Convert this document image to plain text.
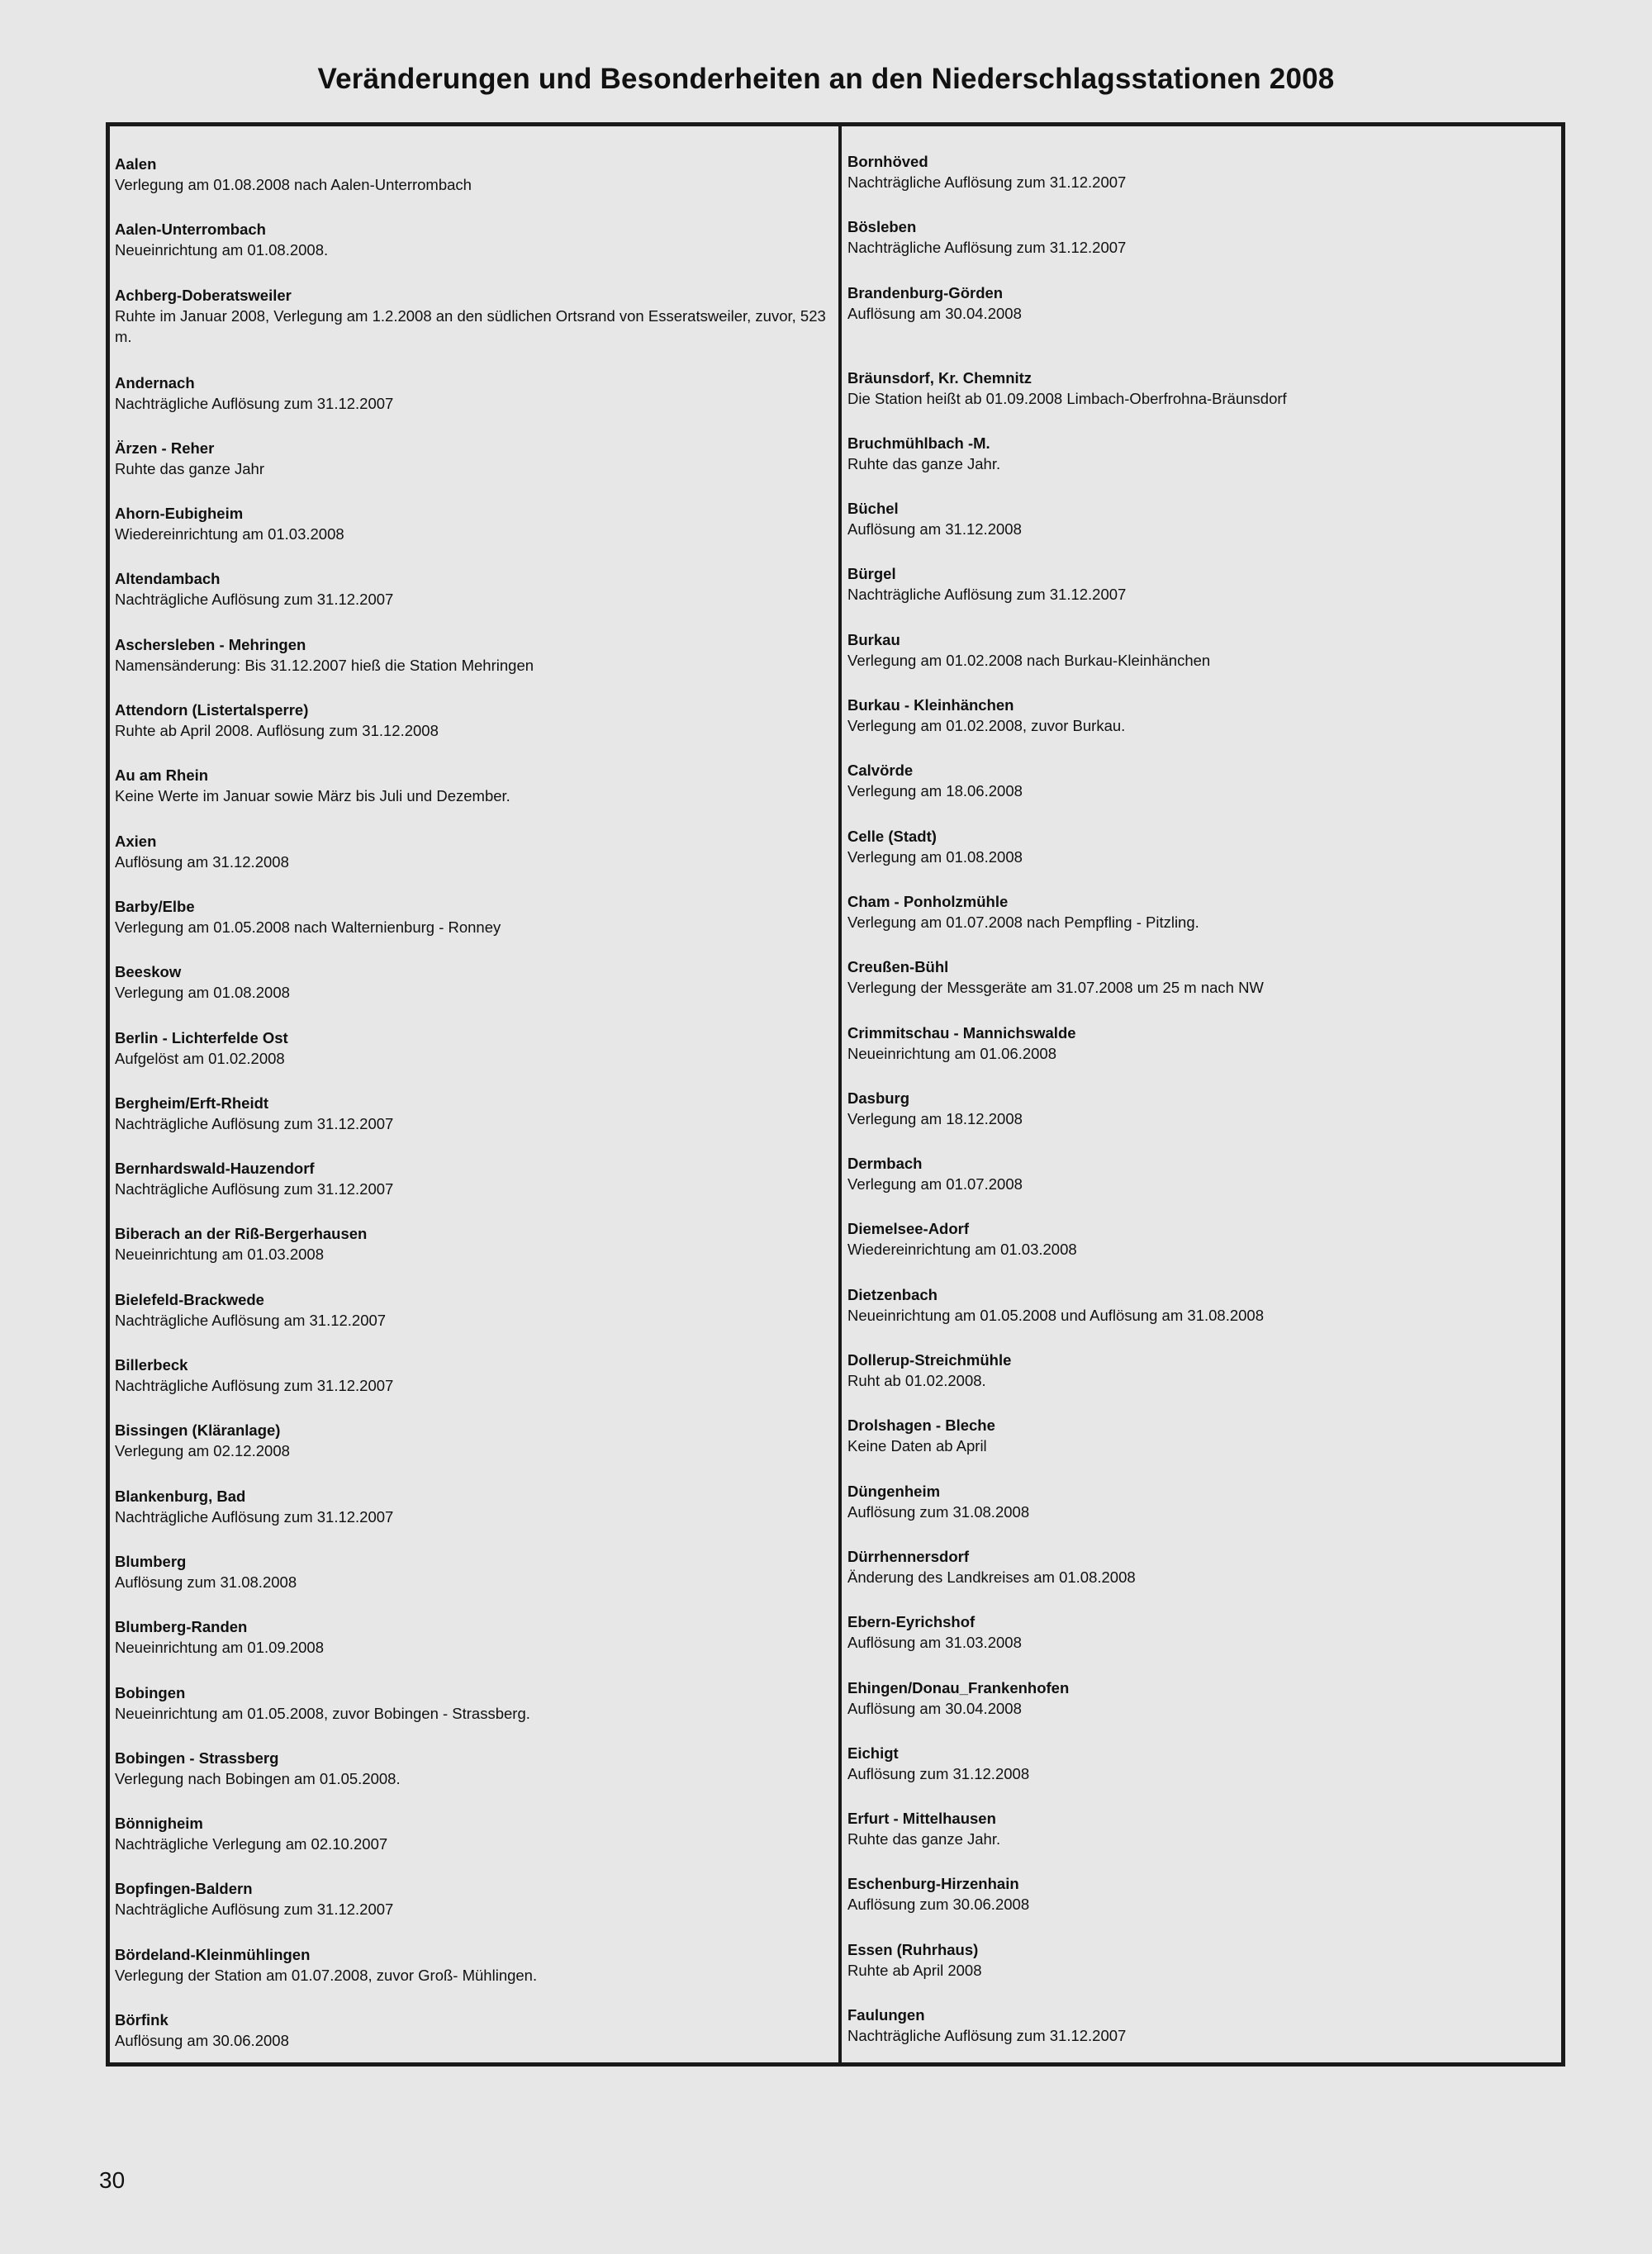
Veränderungen und Besonderheiten an den Niederschlagsstationen 2008
Aalen

Verlegung am 01.08.2008 nach Aalen-Unterrombach

Aalen-Unterrombach

Neueinrichtung am 01.08.2008.

Achberg-Doberatsweiler

Ruhte im Januar 2008, Verlegung am 1.2.2008 an den südlichen Ortsrand von Esseratsweiler, zuvor, 523 m.

Andernach

Nachträgliche Auflösung zum 31.12.2007

Ärzen - Reher

Ruhte das ganze Jahr

Ahorn-Eubigheim

Wiedereinrichtung am 01.03.2008

Altendambach

Nachträgliche Auflösung zum 31.12.2007

Aschersleben - Mehringen

Namensänderung: Bis 31.12.2007 hieß die Station Mehringen

Attendorn (Listertalsperre)

Ruhte ab April 2008. Auflösung zum 31.12.2008

Au am Rhein

Keine Werte im Januar sowie März bis Juli und Dezember.

Axien

Auflösung am 31.12.2008

Barby/Elbe

Verlegung am 01.05.2008 nach Walternienburg - Ronney

Beeskow

Verlegung am 01.08.2008

Berlin - Lichterfelde Ost

Aufgelöst am 01.02.2008

Bergheim/Erft-Rheidt

Nachträgliche Auflösung zum 31.12.2007

Bernhardswald-Hauzendorf

Nachträgliche Auflösung zum 31.12.2007

Biberach an der Riß-Bergerhausen

Neueinrichtung am 01.03.2008

Bielefeld-Brackwede

Nachträgliche Auflösung am 31.12.2007

Billerbeck

Nachträgliche Auflösung zum 31.12.2007

Bissingen (Kläranlage)

Verlegung am 02.12.2008

Blankenburg, Bad

Nachträgliche Auflösung zum 31.12.2007

Blumberg

Auflösung zum 31.08.2008

Blumberg-Randen

Neueinrichtung am 01.09.2008

Bobingen

Neueinrichtung am 01.05.2008, zuvor Bobingen - Strassberg.

Bobingen - Strassberg

Verlegung nach Bobingen am 01.05.2008.

Bönnigheim

Nachträgliche Verlegung am 02.10.2007

Bopfingen-Baldern

Nachträgliche Auflösung zum 31.12.2007

Bördeland-Kleinmühlingen

Verlegung der Station am 01.07.2008, zuvor Groß- Mühlingen.

Börfink

Auflösung am 30.06.2008

Bornhöved

Nachträgliche Auflösung zum 31.12.2007

Bösleben

Nachträgliche Auflösung zum 31.12.2007

Brandenburg-Görden

Auflösung am 30.04.2008

Bräunsdorf, Kr. Chemnitz

Die Station heißt ab 01.09.2008 Limbach-Oberfrohna-Bräunsdorf

Bruchmühlbach -M.

Ruhte das ganze Jahr.

Büchel

Auflösung am 31.12.2008

Bürgel

Nachträgliche Auflösung zum 31.12.2007

Burkau

Verlegung am 01.02.2008 nach Burkau-Kleinhänchen

Burkau - Kleinhänchen

Verlegung am 01.02.2008, zuvor Burkau.

Calvörde

Verlegung am 18.06.2008

Celle (Stadt)

Verlegung am 01.08.2008

Cham - Ponholzmühle

Verlegung am 01.07.2008 nach Pempfling - Pitzling.

Creußen-Bühl

Verlegung der Messgeräte am 31.07.2008 um 25 m nach NW

Crimmitschau - Mannichswalde

Neueinrichtung am 01.06.2008

Dasburg

Verlegung am 18.12.2008

Dermbach

Verlegung am 01.07.2008

Diemelsee-Adorf

Wiedereinrichtung am 01.03.2008

Dietzenbach

Neueinrichtung am 01.05.2008 und Auflösung am 31.08.2008

Dollerup-Streichmühle

Ruht ab 01.02.2008.

Drolshagen - Bleche

Keine Daten ab April

Düngenheim

Auflösung zum 31.08.2008

Dürrhennersdorf

Änderung des Landkreises am 01.08.2008

Ebern-Eyrichshof

Auflösung am 31.03.2008

Ehingen/Donau_Frankenhofen

Auflösung am 30.04.2008

Eichigt

Auflösung zum 31.12.2008

Erfurt - Mittelhausen

Ruhte das ganze Jahr.

Eschenburg-Hirzenhain

Auflösung zum 30.06.2008

Essen (Ruhrhaus)

Ruhte ab April 2008

Faulungen

Nachträgliche Auflösung zum 31.12.2007

30
